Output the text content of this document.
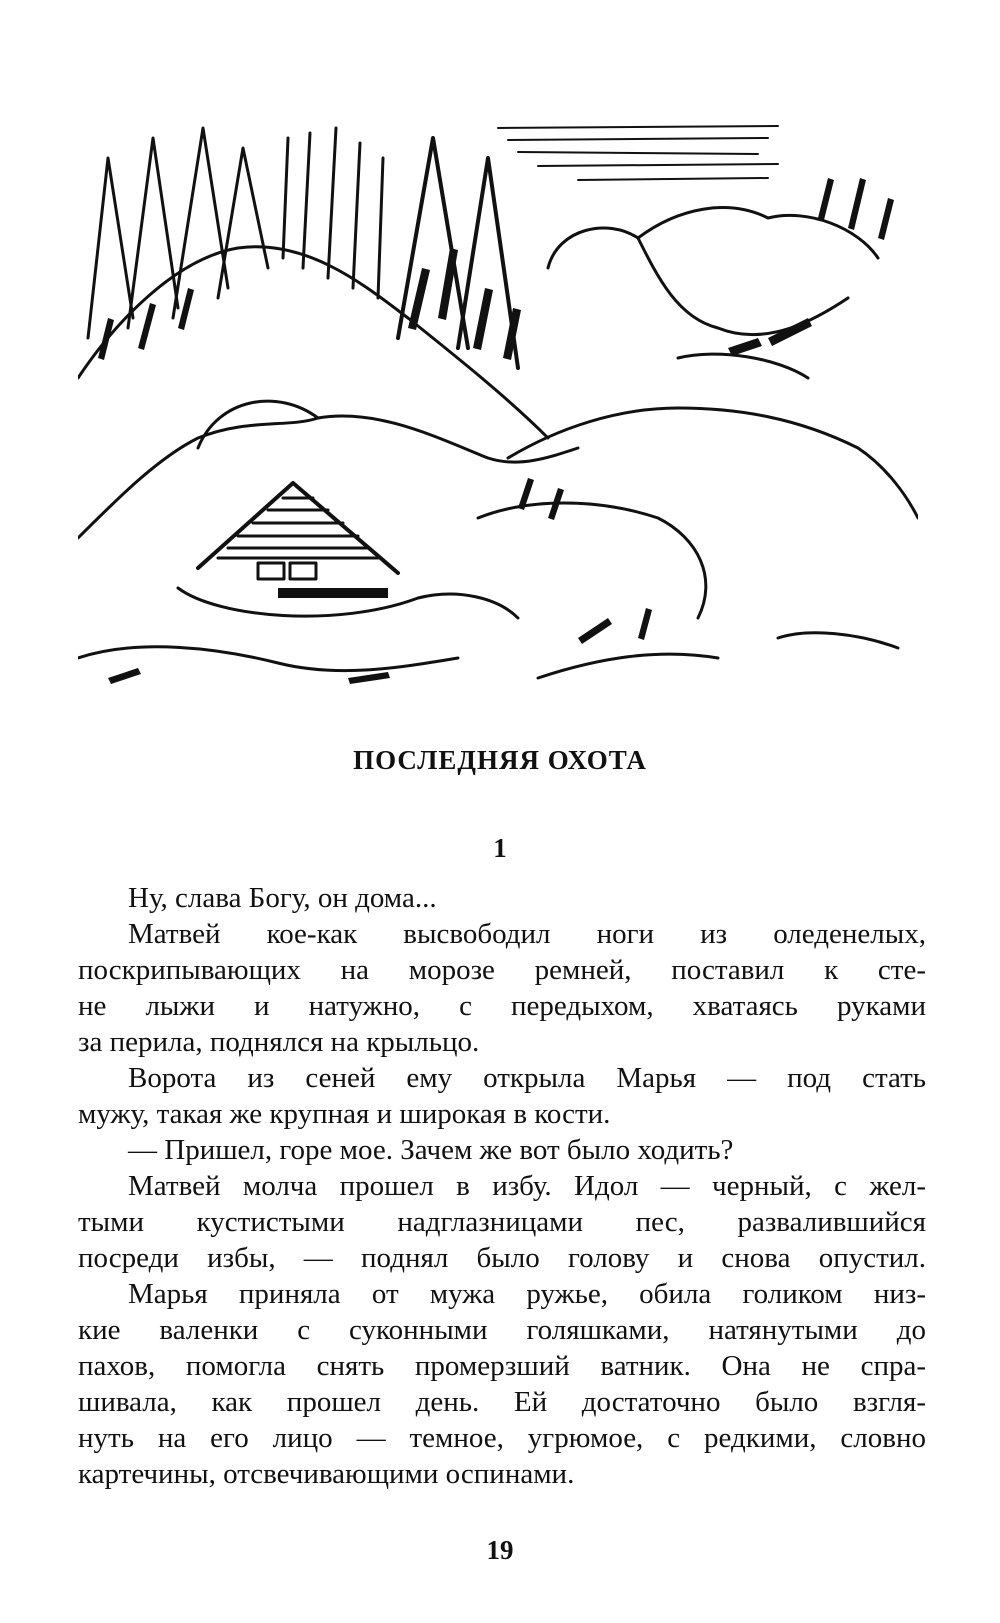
ПОСЛЕДНЯЯ ОХОТА
1
Ну, слава Богу, он дома...
Матвей кое-как высвободил ноги из оледенелых,
поскрипывающих на морозе ремней, поставил к сте-
не лыжи и натужно, с передыхом, хватаясь руками
за перила, поднялся на крыльцо.
Ворота из сеней ему открыла Марья — под стать
мужу, такая же крупная и широкая в кости.
— Пришел, горе мое. Зачем же вот было ходить?
Матвей молча прошел в избу. Идол — черный, с жел-
тыми кустистыми надглазницами пес, развалившийся
посреди избы, — поднял было голову и снова опустил.
Марья приняла от мужа ружье, обила голиком низ-
кие валенки с суконными голяшками, натянутыми до
пахов, помогла снять промерзший ватник. Она не спра-
шивала, как прошел день. Ей достаточно было взгля-
нуть на его лицо — темное, угрюмое, с редкими, словно
картечины, отсвечивающими оспинами.
19
